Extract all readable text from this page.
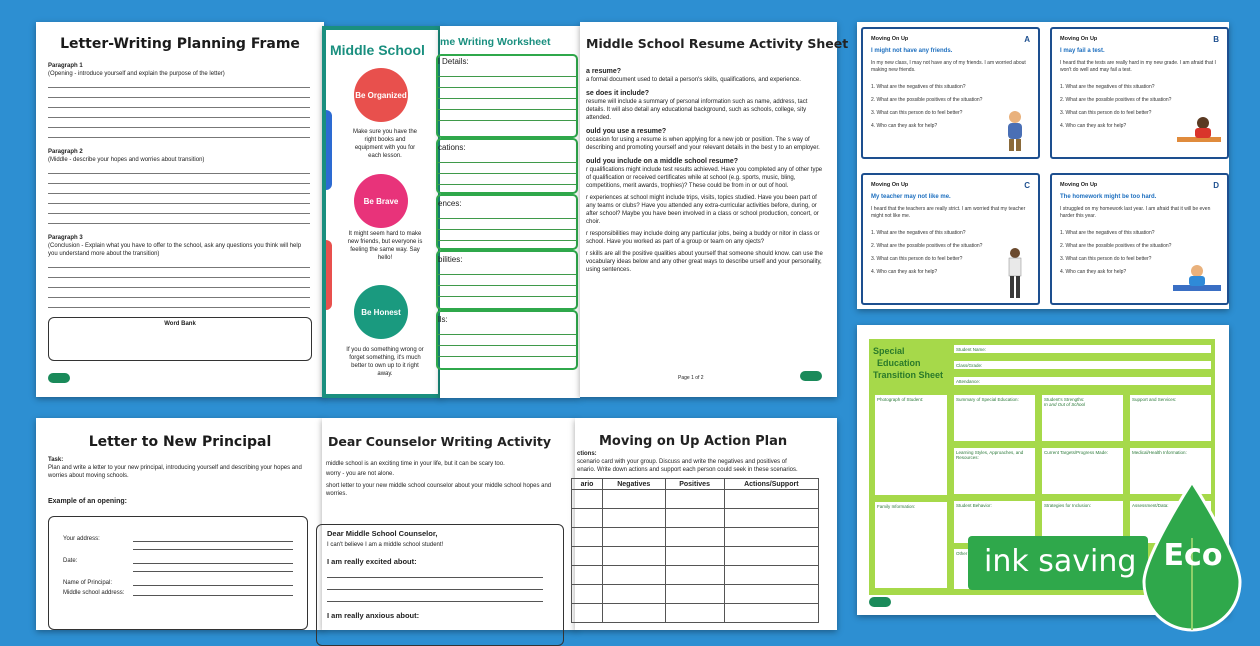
Letter-Writing Planning Frame
Paragraph 1
(Opening - introduce yourself and explain the purpose of the letter)
Paragraph 2
(Middle - describe your hopes and worries about transition)
Paragraph 3
(Conclusion - Explain what you have to offer to the school, ask any questions you think will help you understand more about the transition)
Word Bank
Middle School
Be Organized
Make sure you have the right books and equipment with you for each lesson.
Be Brave
It might seem hard to make new friends, but everyone is feeling the same way. Say hello!
Be Honest
If you do something wrong or forget something, it's much better to own up to it right away.
me Writing Worksheet
l Details:
cations:
ences:
bilities:
lls:
Middle School Resume Activity Sheet
a resume?
a formal document used to detail a person's skills, qualifications, and experience.
se does it include?
resume will include a summary of personal information such as name, address, tact details. It will also detail any educational background, such as schools, college, sity attended.
ould you use a resume?
occasion for using a resume is when applying for a new job or position. The s way of describing and promoting yourself and your relevant details in the best y to an employer.
ould you include on a middle school resume?
r qualifications might include test results achieved. Have you completed any of other type of qualification or received certificates while at school (e.g. sports, music, bling, competitions, merit awards, trophies)? These could be from in or out of hool.
r experiences at school might include trips, visits, topics studied. Have you been part of any teams or clubs? Have you attended any extra-curricular activities before, during, or after school? Maybe you have been involved in a class or school production, concert, or choir.
r responsibilities may include doing any particular jobs, being a buddy or nitor in class or school. Have you worked as part of a group or team on any ojects?
r skills are all the positive qualities about yourself that someone should know. can use the vocabulary ideas below and any other great ways to describe urself and your personality, using sentences.
Page 1 of 2
Moving On Up	A
I might not have any friends.
In my new class, I may not have any of my friends. I am worried about making new friends.
1. What are the negatives of this situation?
2. What are the possible positives of the situation?
3. What can this person do to feel better?
4. Who can they ask for help?
Moving On Up	B
I may fail a test.
I heard that the tests are really hard in my new grade. I am afraid that I won't do well and may fail a test.
1. What are the negatives of this situation?
2. What are the possible positives of the situation?
3. What can this person do to feel better?
4. Who can they ask for help?
Moving On Up	C
My teacher may not like me.
I heard that the teachers are really strict. I am worried that my teacher might not like me.
1. What are the negatives of this situation?
2. What are the possible positives of the situation?
3. What can this person do to feel better?
4. Who can they ask for help?
Moving On Up	D
The homework might be too hard.
I struggled on my homework last year. I am afraid that it will be even harder this year.
1. What are the negatives of this situation?
2. What are the possible positives of the situation?
3. What can this person do to feel better?
4. Who can they ask for help?
Special
Education
Transition Sheet
Student Name:
Class/Grade:
Attendance:
Photograph of Student:	Summary of Special Education:	Student's Strengths:
In and Out of School
Support and Services:
Learning Styles, Approaches, and Resources:
Current Targets/Progress Made:	Medical/Health Information:
Family Information:	Student Behavior:	Strategies for Inclusion:	Assessment/Data:
Other ink saving Eco
Letter to New Principal
Task:
Plan and write a letter to your new principal, introducing yourself and describing your hopes and worries about moving schools.
Example of an opening:
Your address:
Date:
Name of Principal:
Middle school address:
Dear Counselor Writing Activity
middle school is an exciting time in your life, but it can be scary too.
worry - you are not alone.
short letter to your new middle school counselor about your middle school hopes and worries.
Dear Middle School Counselor,
I can't believe I am a middle school student!
I am really excited about:
I am really anxious about:
Moving on Up Action Plan
ctions:
scenario card with your group. Discuss and write the negatives and positives of
enario. Write down actions and support each person could seek in these scenarios.
ario	Negatives	Positives	Actions/Support
